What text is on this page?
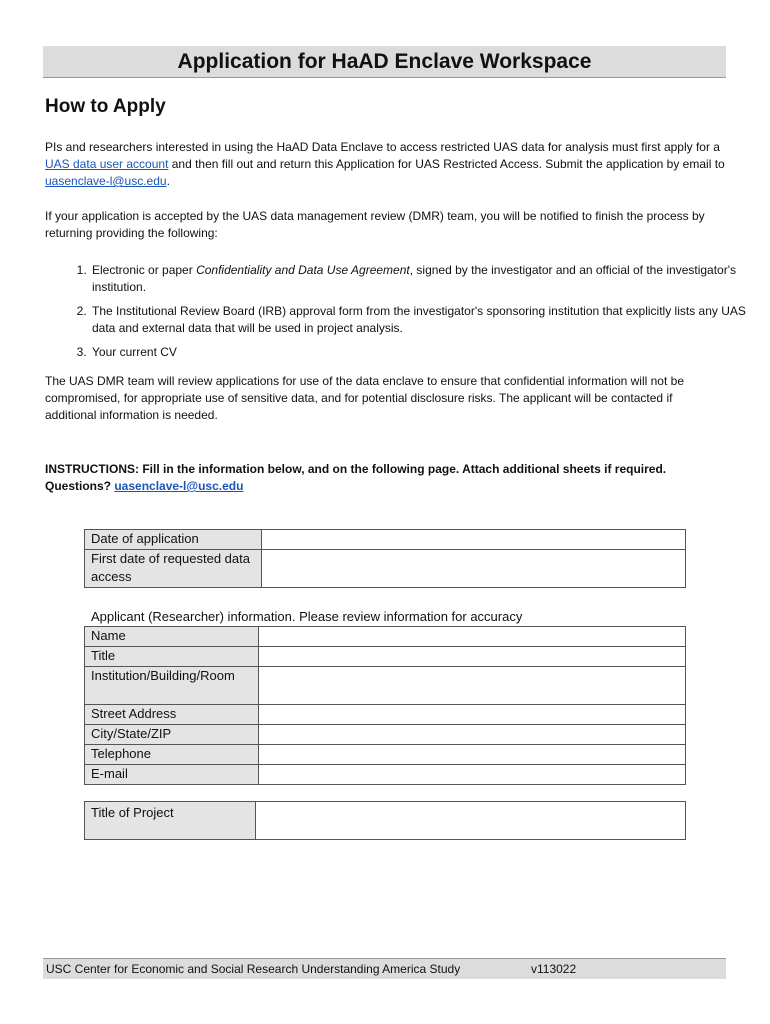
Application for HaAD Enclave Workspace
How to Apply
PIs and researchers interested in using the HaAD Data Enclave to access restricted UAS data for analysis must first apply for a UAS data user account and then fill out and return this Application for UAS Restricted Access. Submit the application by email to uasenclave-l@usc.edu.
If your application is accepted by the UAS data management review (DMR) team, you will be notified to finish the process by returning providing the following:
1. Electronic or paper Confidentiality and Data Use Agreement, signed by the investigator and an official of the investigator's institution.
2. The Institutional Review Board (IRB) approval form from the investigator's sponsoring institution that explicitly lists any UAS data and external data that will be used in project analysis.
3. Your current CV
The UAS DMR team will review applications for use of the data enclave to ensure that confidential information will not be compromised, for appropriate use of sensitive data, and for potential disclosure risks. The applicant will be contacted if additional information is needed.
INSTRUCTIONS: Fill in the information below, and on the following page. Attach additional sheets if required.
Questions? uasenclave-l@usc.edu
Date of application	
First date of requested data access	
Applicant (Researcher) information. Please review information for accuracy
Name	
Title	
Institution/Building/Room	
Street Address	
City/State/ZIP	
Telephone	
E-mail	
Title of Project	
USC Center for Economic and Social Research Understanding America Study	v113022
